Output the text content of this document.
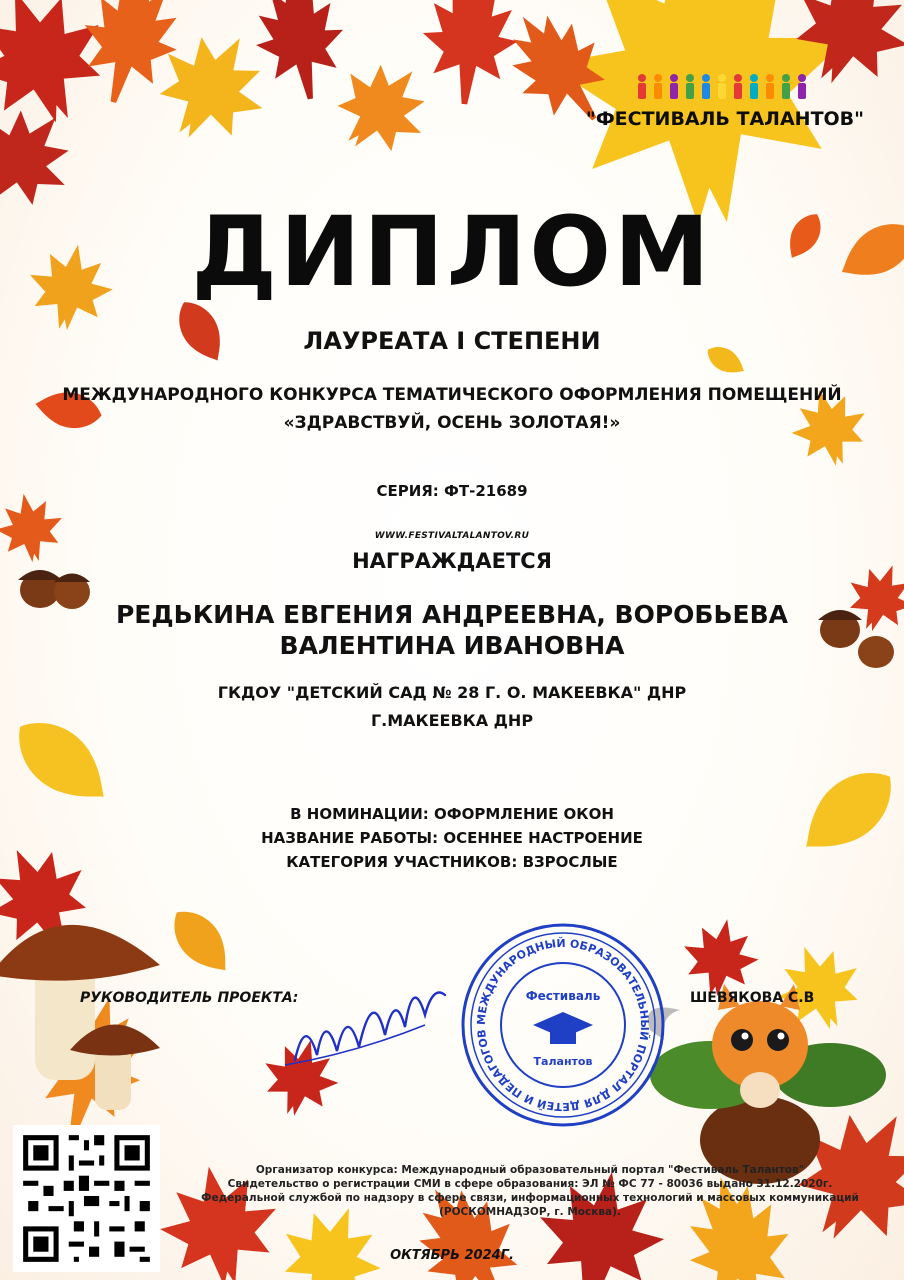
"ФЕСТИВАЛЬ ТАЛАНТОВ"
ДИПЛОМ
ЛАУРЕАТА I СТЕПЕНИ
МЕЖДУНАРОДНОГО КОНКУРСА ТЕМАТИЧЕСКОГО ОФОРМЛЕНИЯ ПОМЕЩЕНИЙ
«ЗДРАВСТВУЙ, ОСЕНЬ ЗОЛОТАЯ!»
СЕРИЯ: ФТ-21689
WWW.FESTIVALTALANTOV.RU
НАГРАЖДАЕТСЯ
РЕДЬКИНА ЕВГЕНИЯ АНДРЕЕВНА, ВОРОБЬЕВА
ВАЛЕНТИНА ИВАНОВНА
ГКДОУ "ДЕТСКИЙ САД № 28 Г. О. МАКЕЕВКА" ДНР
Г.МАКЕЕВКА ДНР
В НОМИНАЦИИ: ОФОРМЛЕНИЕ ОКОН
НАЗВАНИЕ РАБОТЫ: ОСЕННЕЕ НАСТРОЕНИЕ
КАТЕГОРИЯ УЧАСТНИКОВ: ВЗРОСЛЫЕ
РУКОВОДИТЕЛЬ ПРОЕКТА:	ШЕВЯКОВА С.В
МЕЖДУНАРОДНЫЙ ОБРАЗОВАТЕЛЬНЫЙ ПОРТАЛ ДЛЯ ДЕТЕЙ И ПЕДАГОГОВ
Фестиваль
Талантов
Организатор конкурса: Международный образовательный портал "Фестиваль Талантов"
Свидетельство о регистрации СМИ в сфере образования: ЭЛ № ФС 77 - 80036 выдано 31.12.2020г.
Федеральной службой по надзору в сфере связи, информационных технологий и массовых коммуникаций
(РОСКОМНАДЗОР, г. Москва).
ОКТЯБРЬ 2024Г.
